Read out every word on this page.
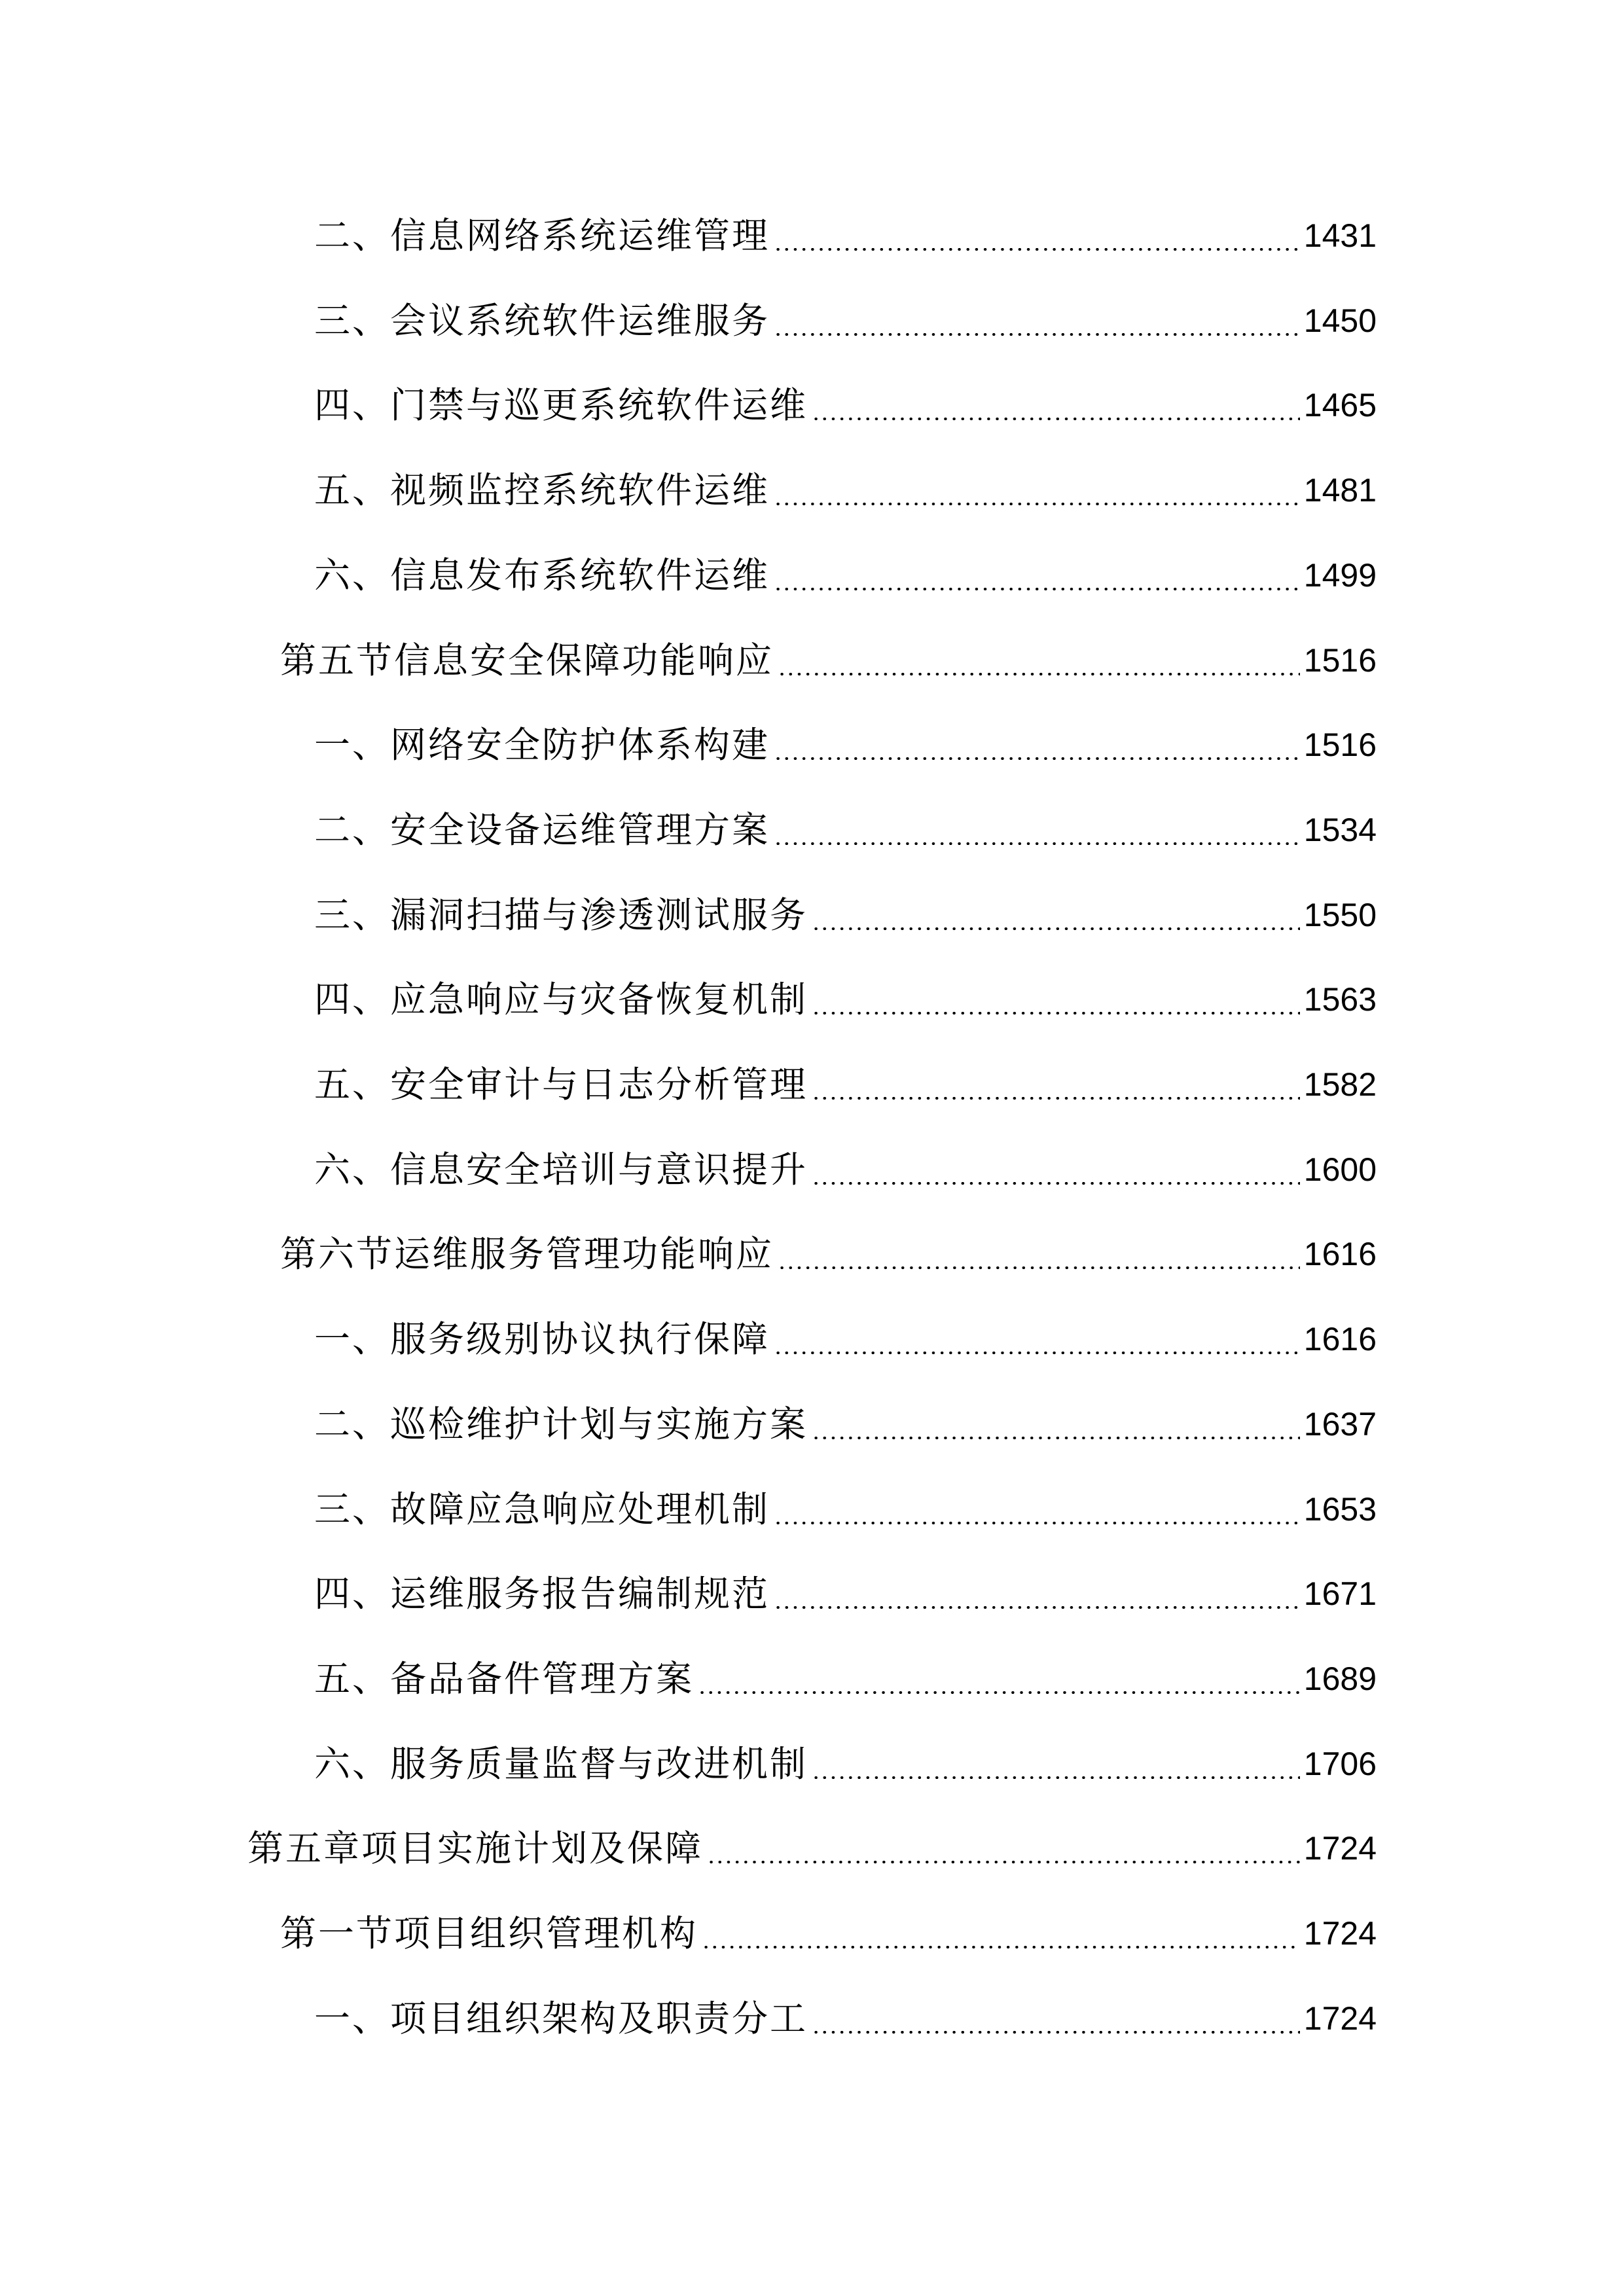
二、信息网络系统运维管理	1431
三、会议系统软件运维服务	1450
四、门禁与巡更系统软件运维	1465
五、视频监控系统软件运维	1481
六、信息发布系统软件运维	1499
第五节信息安全保障功能响应	1516
一、网络安全防护体系构建	1516
二、安全设备运维管理方案	1534
三、漏洞扫描与渗透测试服务	1550
四、应急响应与灾备恢复机制	1563
五、安全审计与日志分析管理	1582
六、信息安全培训与意识提升	1600
第六节运维服务管理功能响应	1616
一、服务级别协议执行保障	1616
二、巡检维护计划与实施方案	1637
三、故障应急响应处理机制	1653
四、运维服务报告编制规范	1671
五、备品备件管理方案	1689
六、服务质量监督与改进机制	1706
第五章项目实施计划及保障	1724
第一节项目组织管理机构	1724
一、项目组织架构及职责分工	1724
